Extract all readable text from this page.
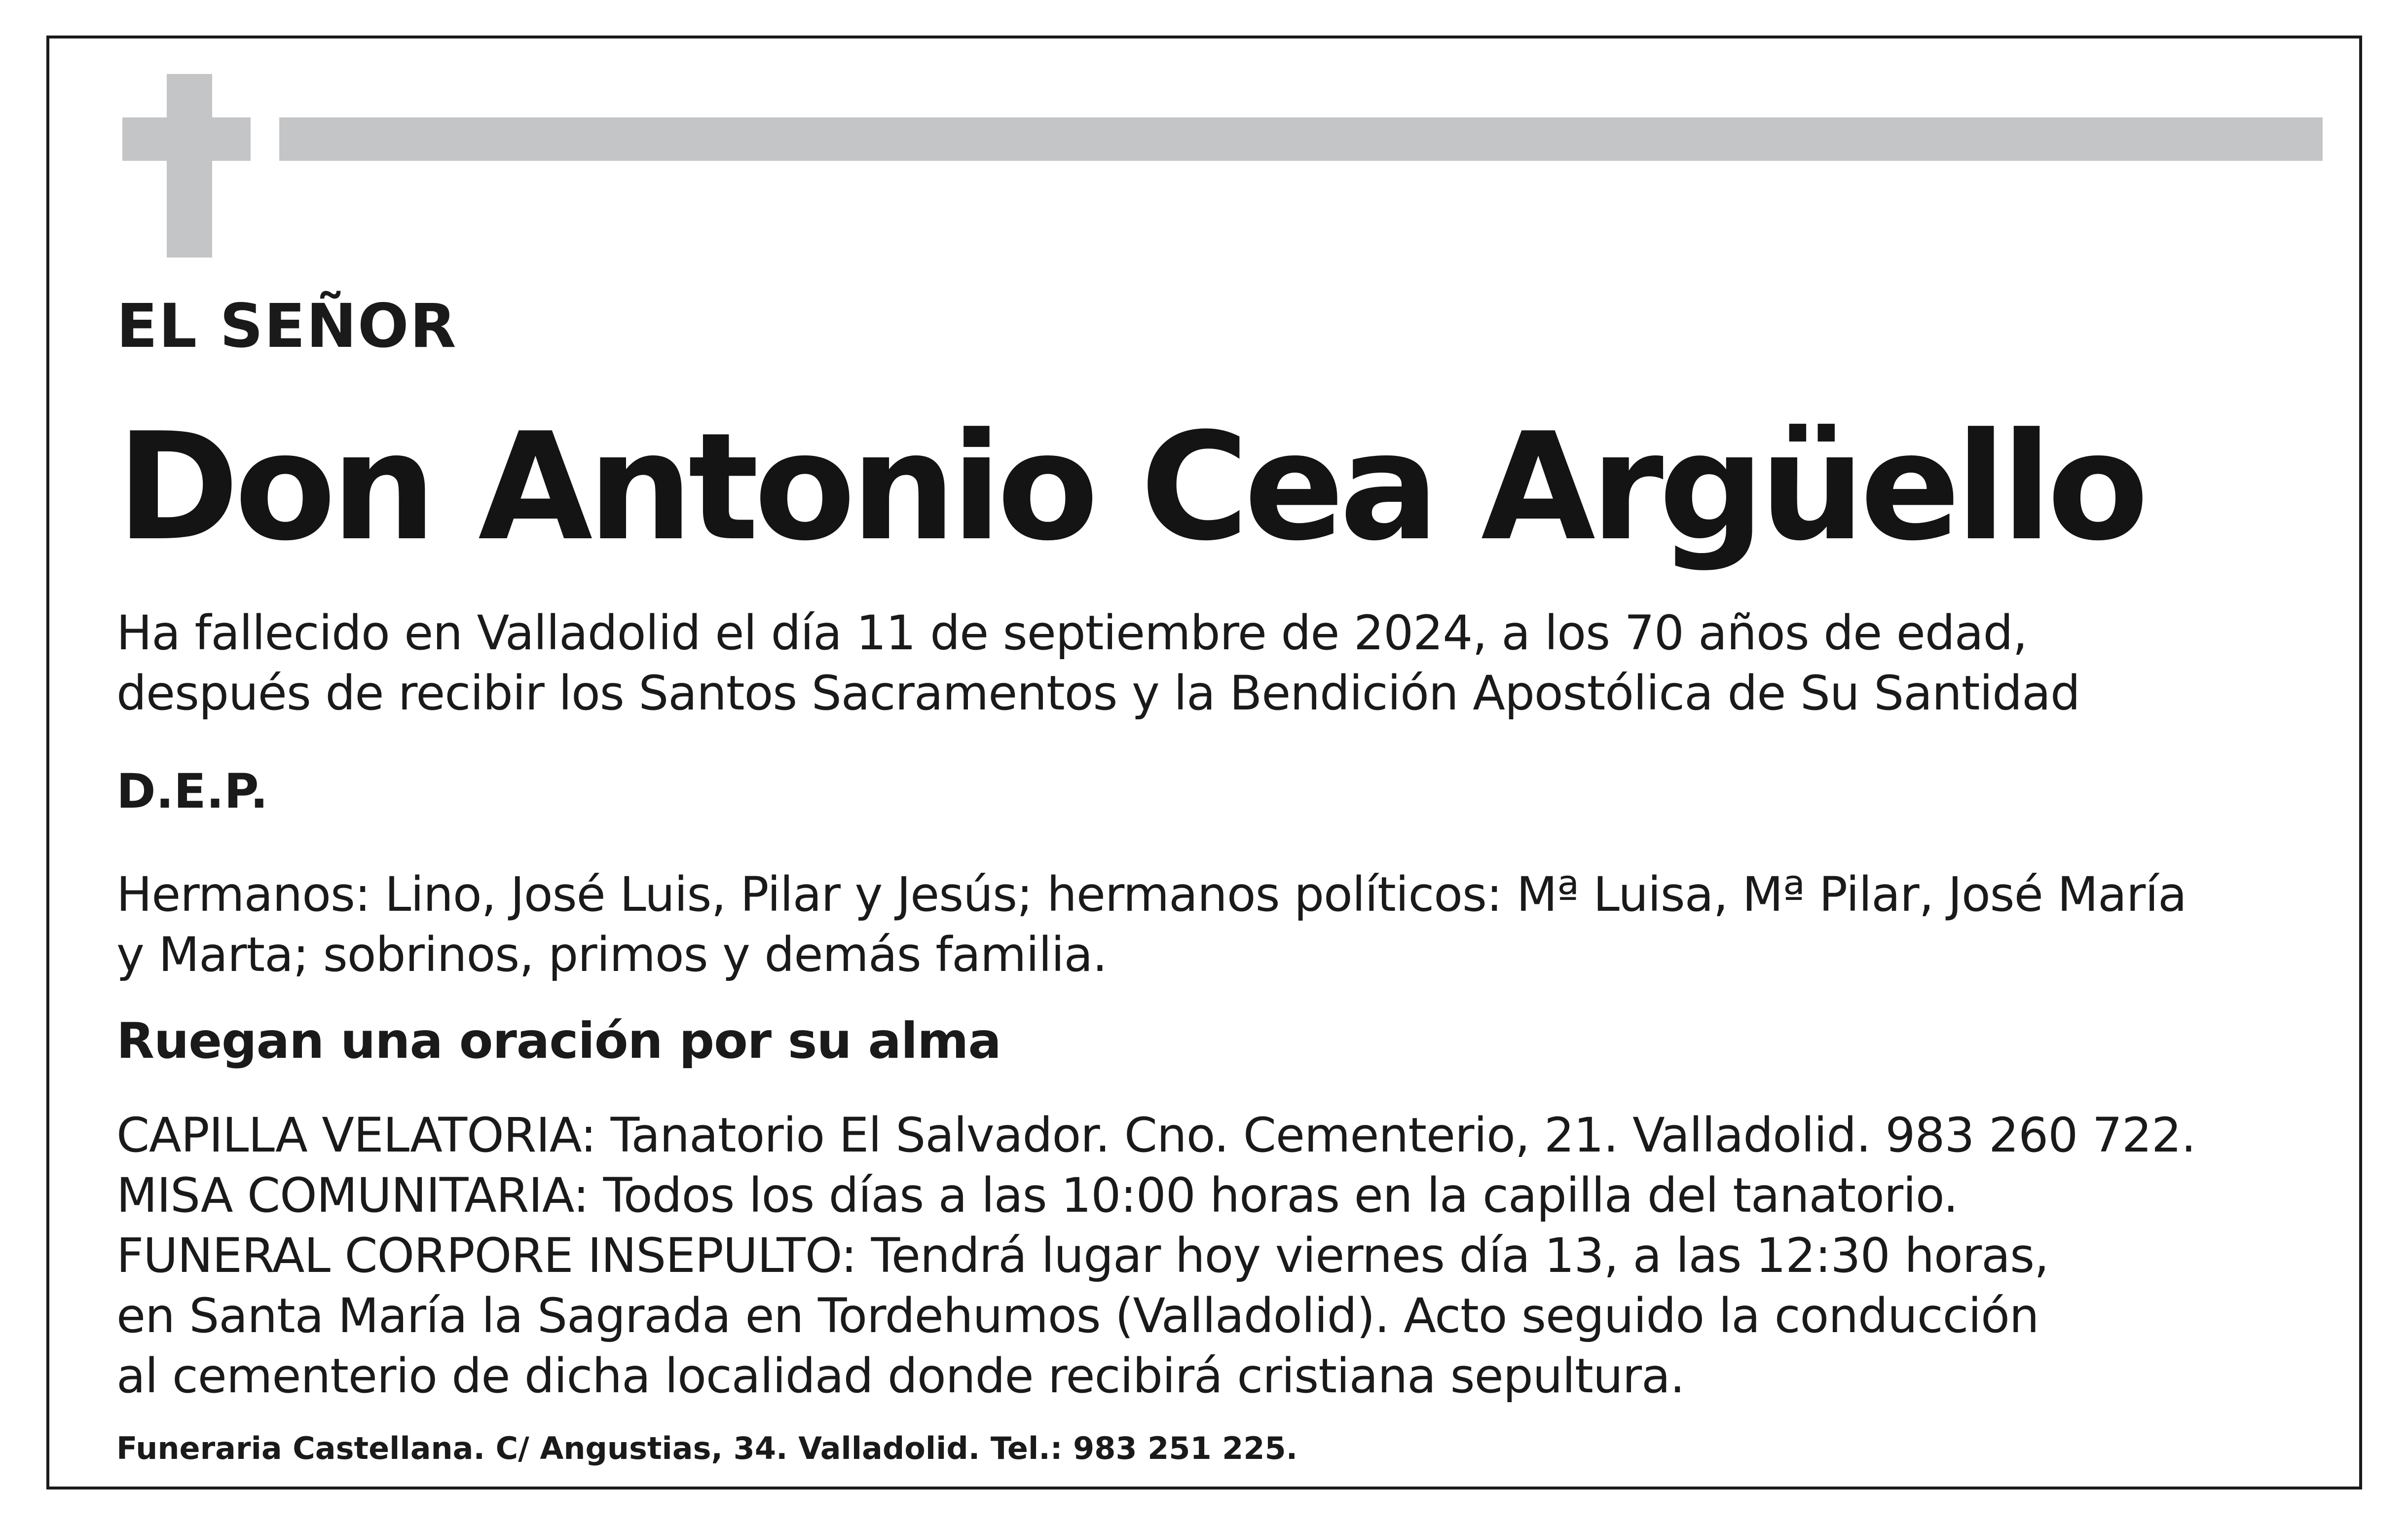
EL SEÑOR
Don Antonio Cea Argüello
Ha fallecido en Valladolid el día 11 de septiembre de 2024, a los 70 años de edad,
después de recibir los Santos Sacramentos y la Bendición Apostólica de Su Santidad
D.E.P.
Hermanos: Lino, José Luis, Pilar y Jesús; hermanos políticos: Mª Luisa, Mª Pilar, José María
y Marta; sobrinos, primos y demás familia.
Ruegan una oración por su alma
CAPILLA VELATORIA: Tanatorio El Salvador. Cno. Cementerio, 21. Valladolid. 983 260 722.
MISA COMUNITARIA: Todos los días a las 10:00 horas en la capilla del tanatorio.
FUNERAL CORPORE INSEPULTO: Tendrá lugar hoy viernes día 13, a las 12:30 horas,
en Santa María la Sagrada en Tordehumos (Valladolid). Acto seguido la conducción
al cementerio de dicha localidad donde recibirá cristiana sepultura.
Funeraria Castellana. C/ Angustias, 34. Valladolid. Tel.: 983 251 225.
